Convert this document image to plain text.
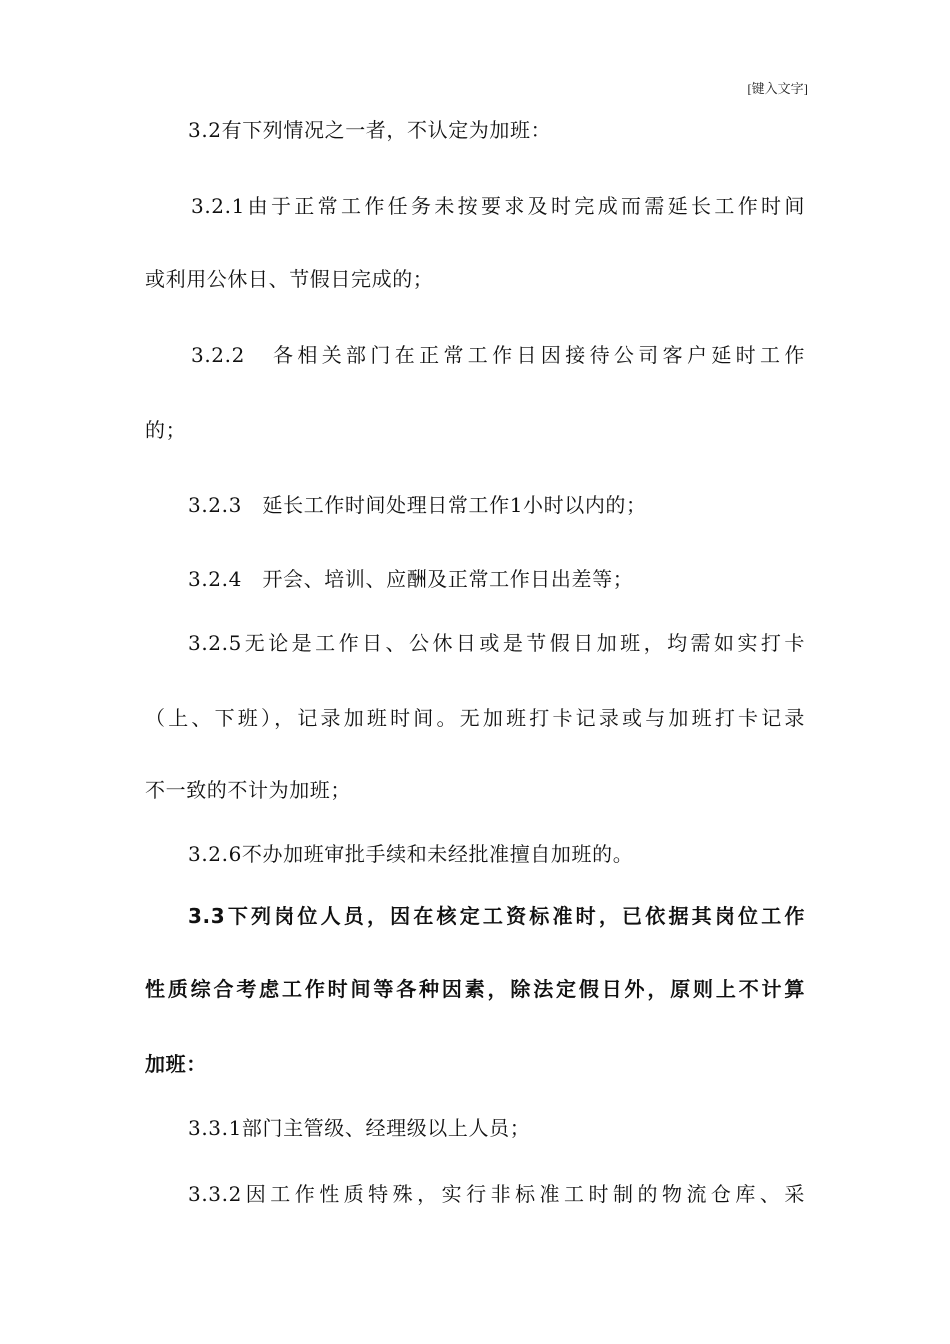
[键入文字]
3.2有下列情况之一者，不认定为加班：
3.2.1由于正常工作任务未按要求及时完成而需延长工作时间
或利用公休日、节假日完成的；
3.2.2　各相关部门在正常工作日因接待公司客户延时工作
的；
3.2.3　延长工作时间处理日常工作1小时以内的；
3.2.4　开会、培训、应酬及正常工作日出差等；
3.2.5无论是工作日、公休日或是节假日加班，均需如实打卡
（上、下班），记录加班时间。无加班打卡记录或与加班打卡记录
不一致的不计为加班；
3.2.6不办加班审批手续和未经批准擅自加班的。
3.3下列岗位人员，因在核定工资标准时，已依据其岗位工作
性质综合考虑工作时间等各种因素，除法定假日外，原则上不计算
加班：
3.3.1部门主管级、经理级以上人员；
3.3.2因工作性质特殊，实行非标准工时制的物流仓库、采
